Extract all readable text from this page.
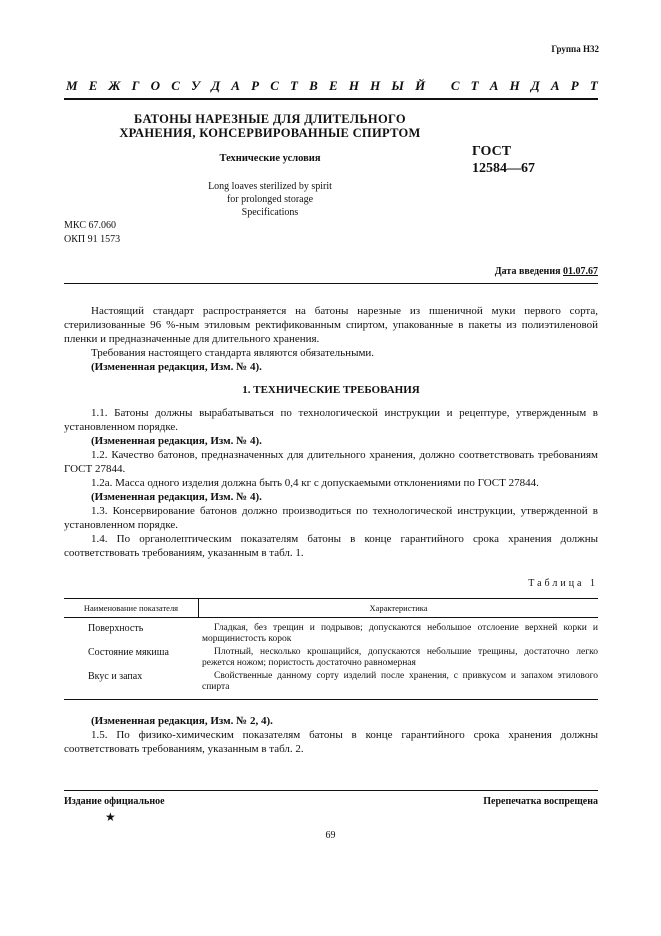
Группа Н32
М Е Ж Г О С У Д А Р С Т В Е Н Н Ы Й
С Т А Н Д А Р Т
БАТОНЫ НАРЕЗНЫЕ ДЛЯ ДЛИТЕЛЬНОГО
ХРАНЕНИЯ, КОНСЕРВИРОВАННЫЕ СПИРТОМ
Технические условия	ГОСТ
12584—67
Long loaves sterilized by spirit
for prolonged storage
Specifications
МКС 67.060
ОКП 91 1573
Дата введения 01.07.67

Настоящий стандарт распространяется на батоны нарезные из пшеничной муки первого сорта, стерилизованные 96 %-ным этиловым ректификованным спиртом, упакованные в пакеты из полиэтиленовой пленки и предназначенные для длительного хранения.

Требования настоящего стандарта являются обязательными.

(Измененная редакция, Изм. № 4).

1. ТЕХНИЧЕСКИЕ ТРЕБОВАНИЯ

1.1. Батоны должны вырабатываться по технологической инструкции и рецептуре, утвержденным в установленном порядке.

(Измененная редакция, Изм. № 4).

1.2. Качество батонов, предназначенных для длительного хранения, должно соответствовать требованиям ГОСТ 27844.

1.2а. Масса одного изделия должна быть 0,4 кг с допускаемыми отклонениями по ГОСТ 27844.

(Измененная редакция, Изм. № 4).

1.3. Консервирование батонов должно производиться по технологической инструкции, утвержденной в установленном порядке.

1.4. По органолептическим показателям батоны в конце гарантийного срока хранения должны соответствовать требованиям, указанным в табл. 1.

Таблица 1
Наименование показателя	Характеристика
Поверхность	Гладкая, без трещин и подрывов; допускаются небольшое отслоение верхней корки и морщинистость корок
Состояние мякиша	Плотный, несколько крошащийся, допускаются небольшие трещины, достаточно легко режется ножом; пористость достаточно равномерная
Вкус и запах	Свойственные данному сорту изделий после хранения, с привкусом и запахом этилового спирта

(Измененная редакция, Изм. № 2, 4).

1.5. По физико-химическим показателям батоны в конце гарантийного срока хранения должны соответствовать требованиям, указанным в табл. 2.

Издание официальное
★
Перепечатка воспрещена
69
